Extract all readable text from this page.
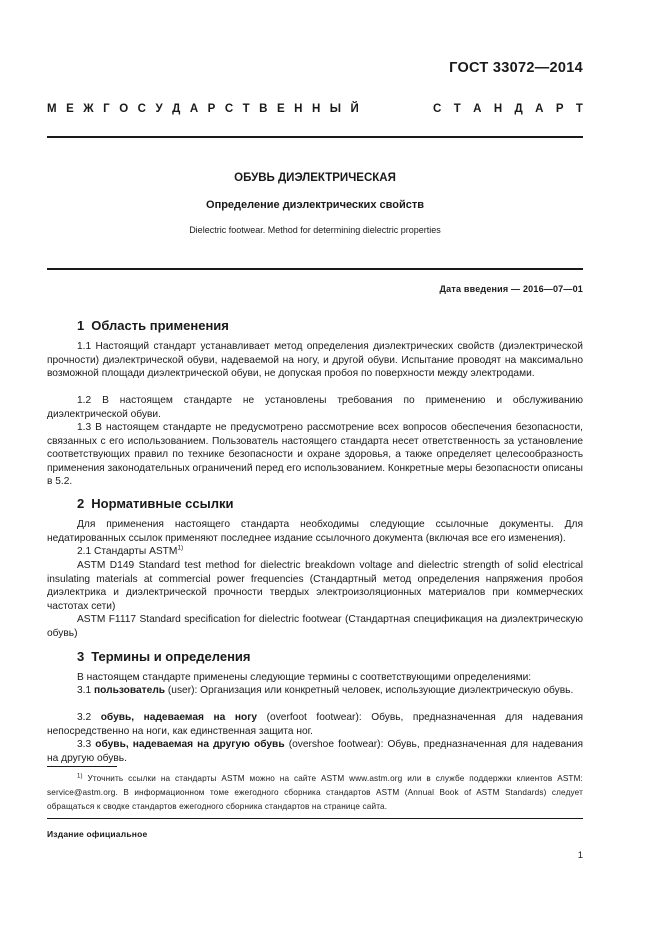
ГОСТ 33072—2014
М Е Ж Г О С У Д А Р С Т В Е Н Н Ы Й	С Т А Н Д А Р Т
ОБУВЬ ДИЭЛЕКТРИЧЕСКАЯ
Определение диэлектрических свойств
Dielectric footwear. Method for determining dielectric properties
Дата введения — 2016—07—01
1 Область применения
1.1 Настоящий стандарт устанавливает метод определения диэлектрических свойств (диэлектрической прочности) диэлектрической обуви, надеваемой на ногу, и другой обуви. Испытание проводят на максимально возможной площади диэлектрической обуви, не допуская пробоя по поверхности между электродами.
1.2 В настоящем стандарте не установлены требования по применению и обслуживанию диэлектрической обуви.
1.3 В настоящем стандарте не предусмотрено рассмотрение всех вопросов обеспечения безопасности, связанных с его использованием. Пользователь настоящего стандарта несет ответственность за установление соответствующих правил по технике безопасности и охране здоровья, а также определяет целесообразность применения законодательных ограничений перед его использованием. Конкретные меры безопасности описаны в 5.2.
2 Нормативные ссылки
Для применения настоящего стандарта необходимы следующие ссылочные документы. Для недатированных ссылок применяют последнее издание ссылочного документа (включая все его изменения).
2.1 Стандарты ASTM$^{1)}$
ASTM D149 Standard test method for dielectric breakdown voltage and dielectric strength of solid electrical insulating materials at commercial power frequencies (Стандартный метод определения напряжения пробоя диэлектрика и диэлектрической прочности твердых электроизоляционных материалов при коммерческих частотах сети)
ASTM F1117 Standard specification for dielectric footwear (Стандартная спецификация на диэлектрическую обувь)
3 Термины и определения
В настоящем стандарте применены следующие термины с соответствующими определениями:
3.1 пользователь (user): Организация или конкретный человек, использующие диэлектрическую обувь.
3.2 обувь, надеваемая на ногу (overfoot footwear): Обувь, предназначенная для надевания непосредственно на ноги, как единственная защита ног.
3.3 обувь, надеваемая на другую обувь (overshoe footwear): Обувь, предназначенная для надевания на другую обувь.
$^{1)}$ Уточнить ссылки на стандарты ASTM можно на сайте ASTM www.astm.org или в службе поддержки клиентов ASTM: service@astm.org. В информационном томе ежегодного сборника стандартов ASTM (Annual Book of ASTM Standards) следует обращаться к сводке стандартов ежегодного сборника стандартов на странице сайта.
Издание официальное
1
